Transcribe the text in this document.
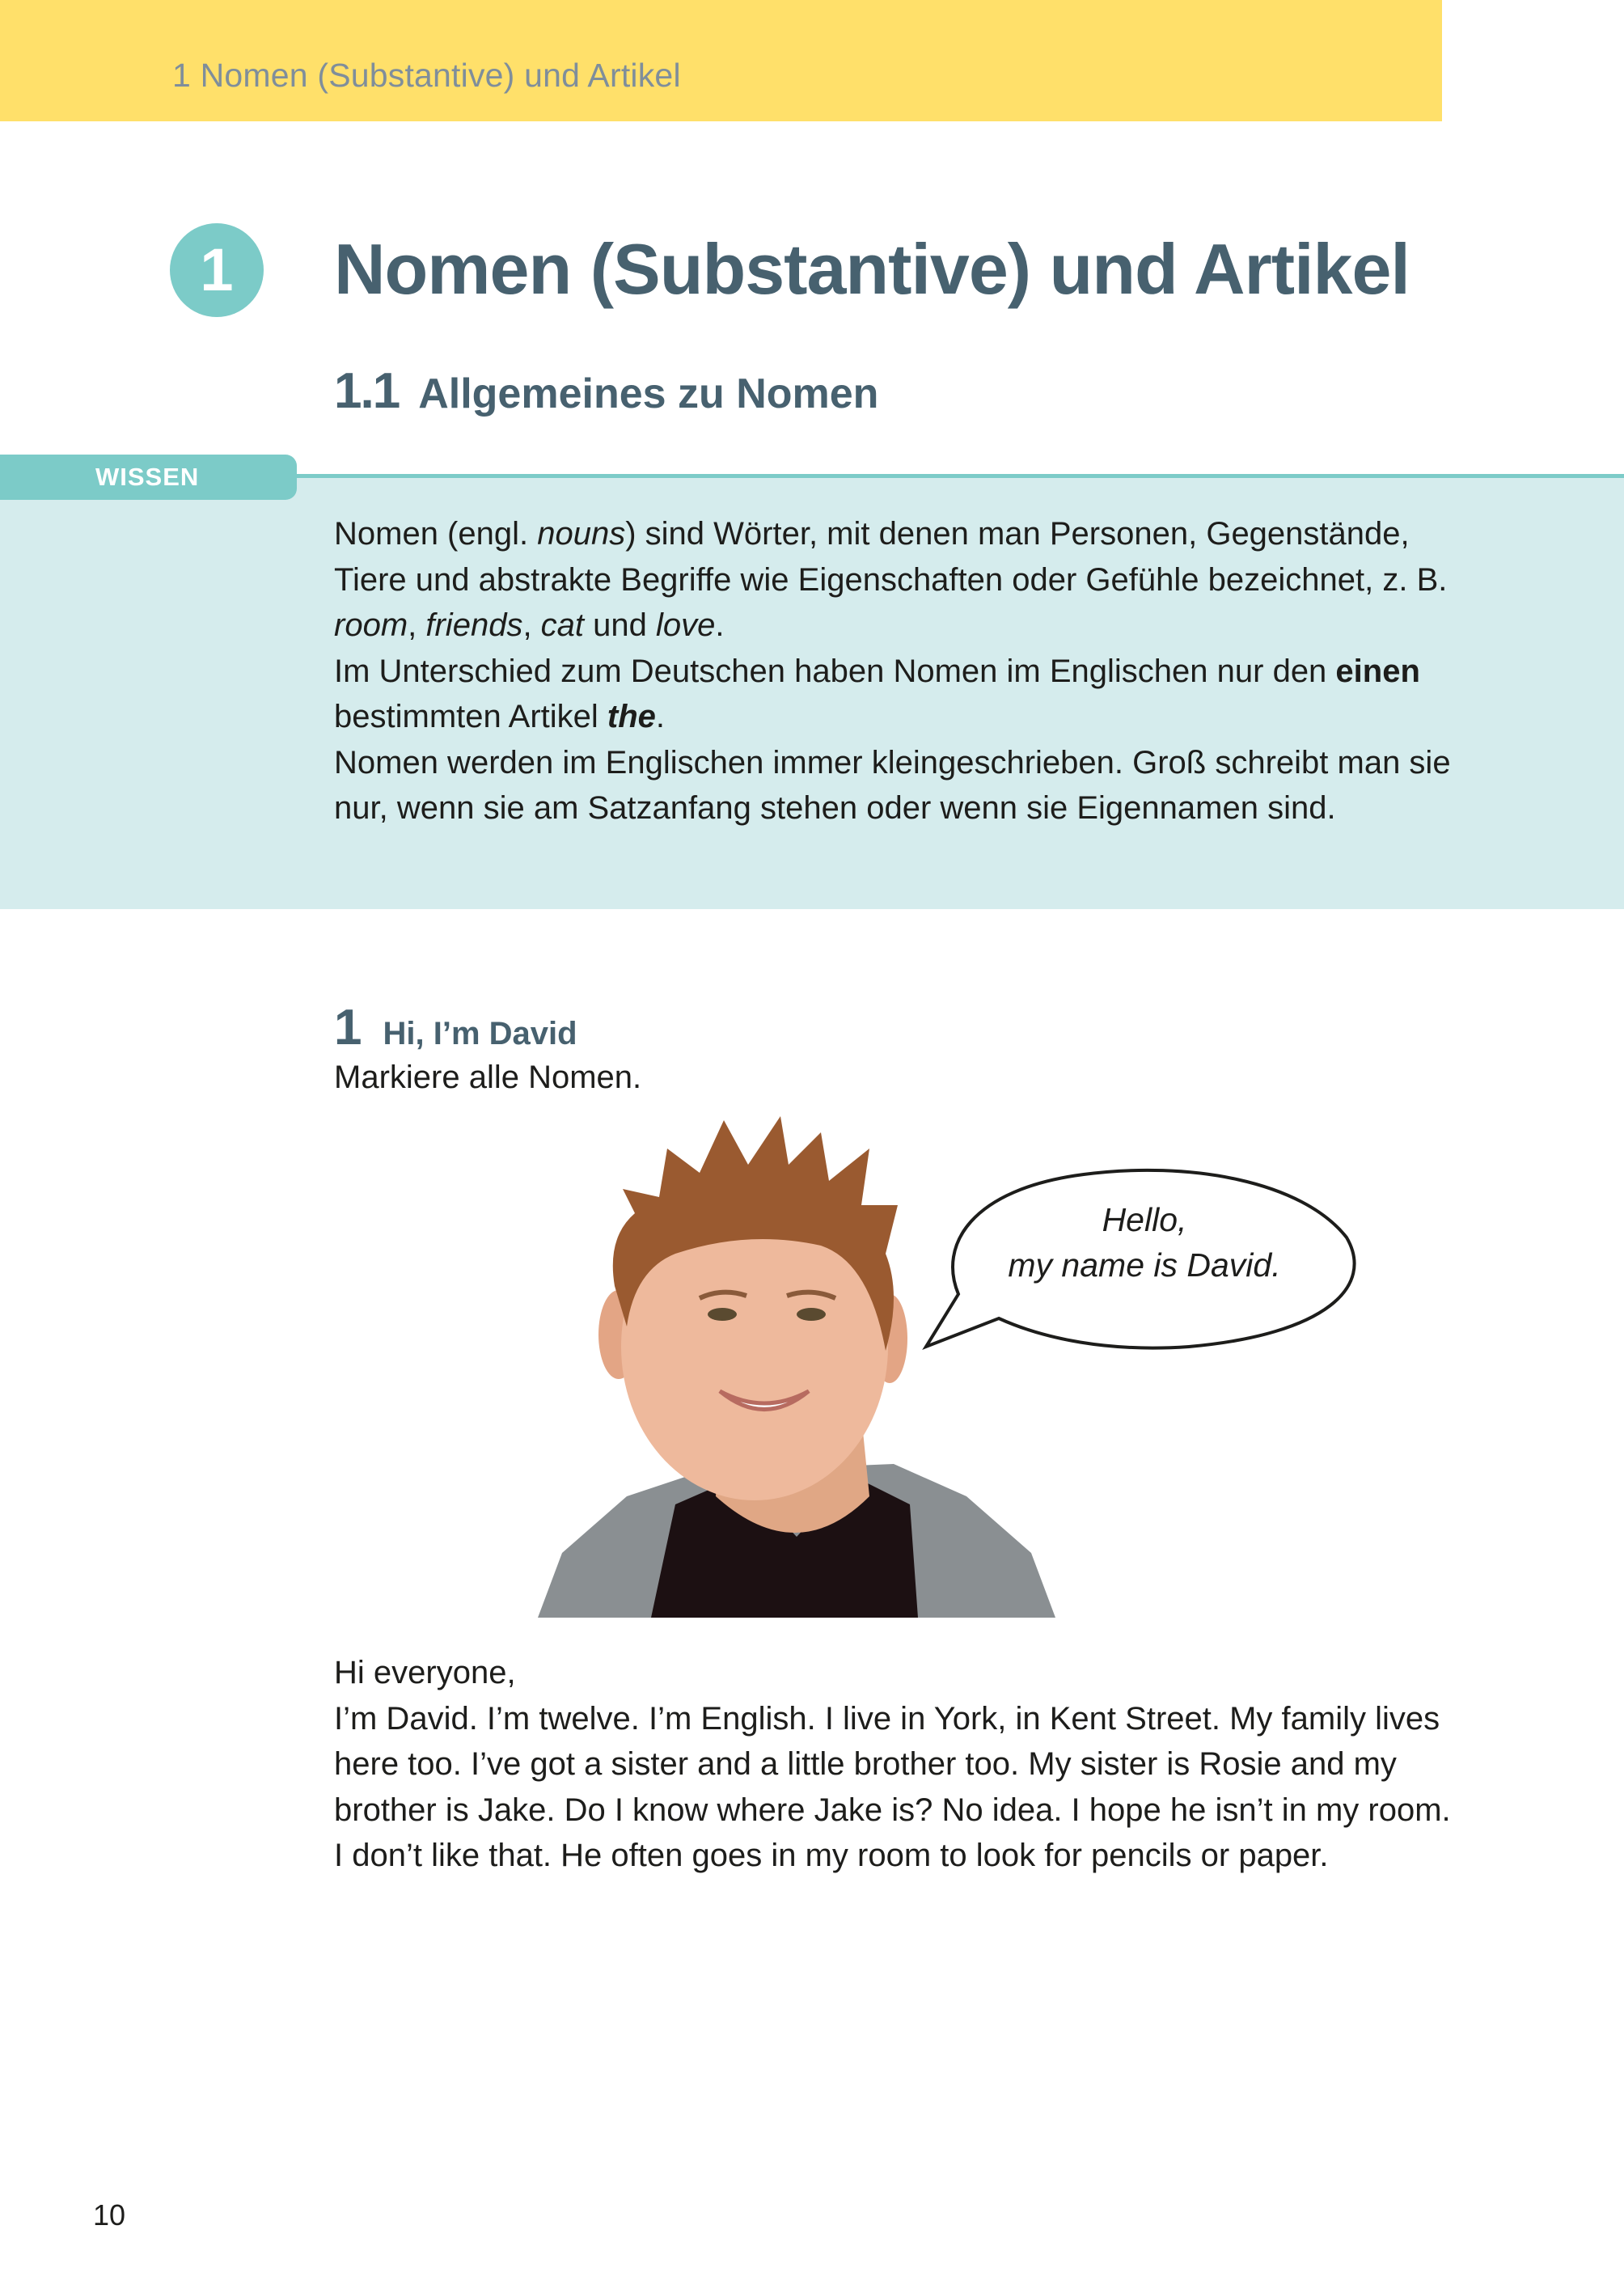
1 Nomen (Substantive) und Artikel
1	Nomen (Substantive) und Artikel
1.1 Allgemeines zu Nomen
WISSEN
Nomen (engl. nouns) sind Wörter, mit denen man Personen, Gegenstände, Tiere und abstrakte Begriffe wie Eigenschaften oder Gefühle bezeichnet, z. B. room, friends, cat und love.
Im Unterschied zum Deutschen haben Nomen im Englischen nur den einen bestimmten Artikel the.
Nomen werden im Englischen immer kleingeschrieben. Groß schreibt man sie nur, wenn sie am Satzanfang stehen oder wenn sie Eigennamen sind.
1 Hi, I’m David
Markiere alle Nomen.
Hello,
my name is David.
Hi everyone,
I’m David. I’m twelve. I’m English. I live in York, in Kent Street. My family lives here too. I’ve got a sister and a little brother too. My sister is Rosie and my brother is Jake. Do I know where Jake is? No idea. I hope he isn’t in my room. I don’t like that. He often goes in my room to look for pencils or paper.
10
